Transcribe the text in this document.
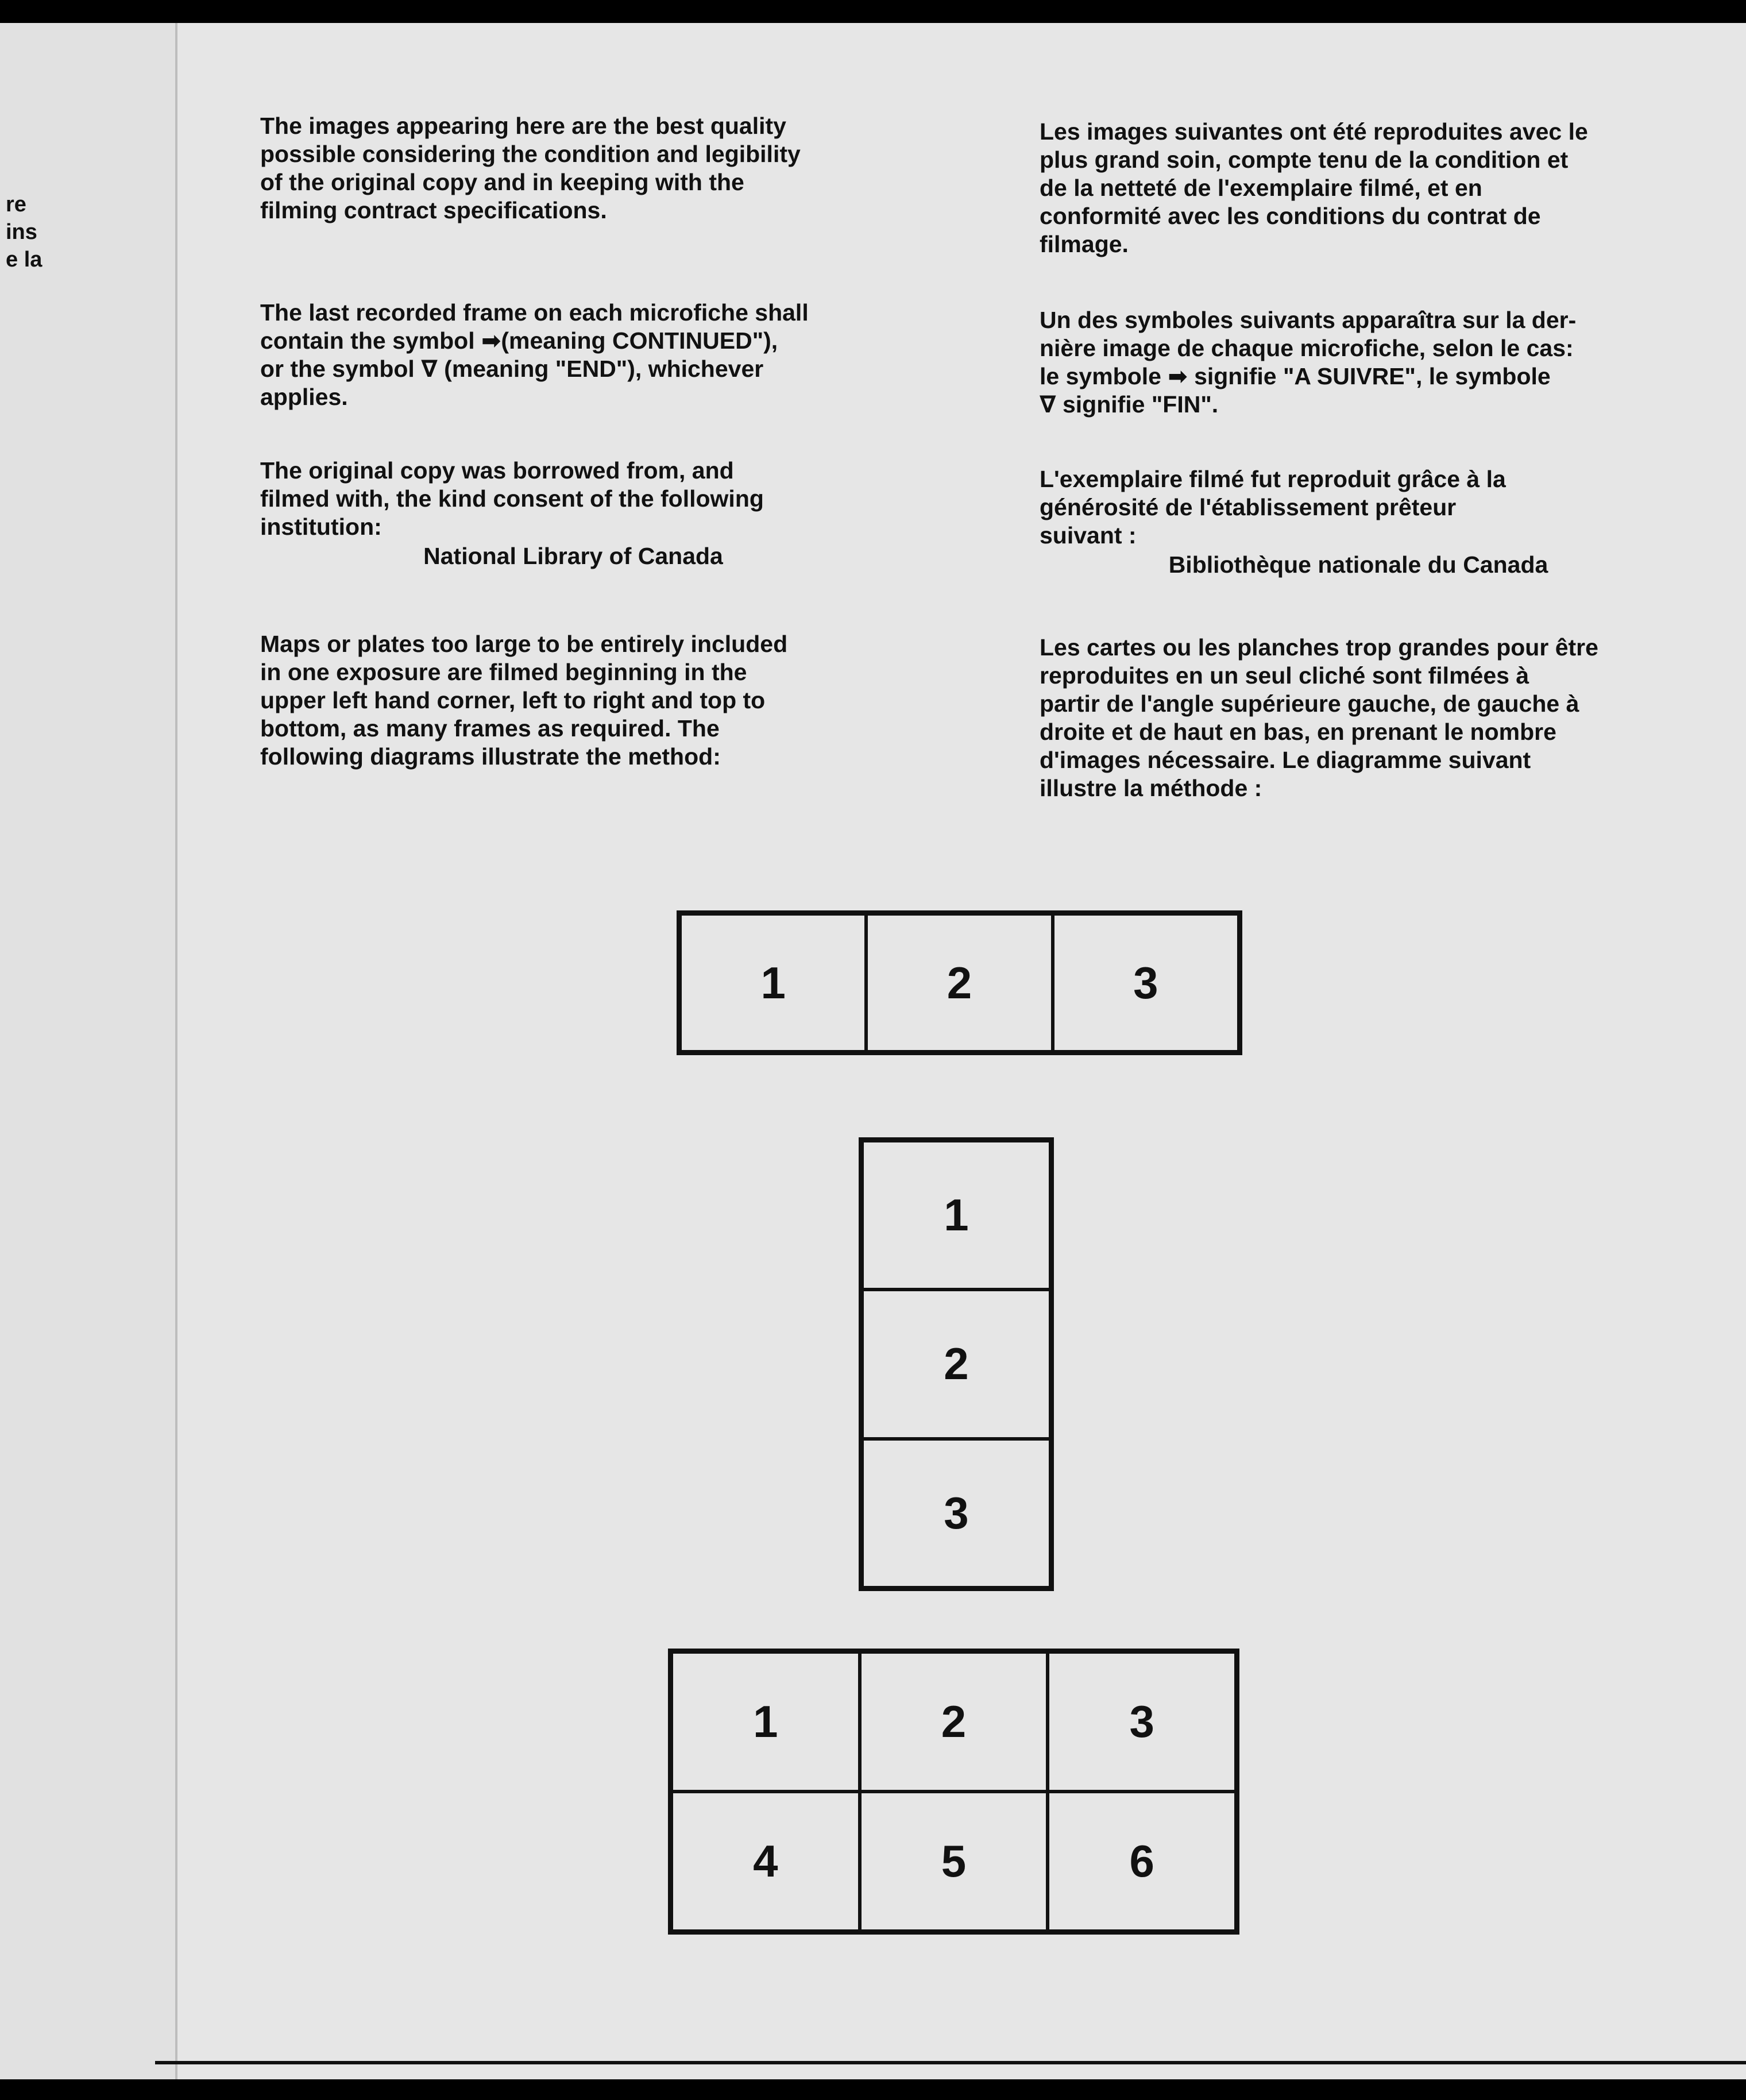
re
ins
e la

The images appearing here are the best quality

possible considering the condition and legibility

of the original copy and in keeping with the

filming contract specifications.

The last recorded frame on each microfiche shall

contain the symbol ➡(meaning CONTINUED"),

or the symbol ∇ (meaning "END"), whichever

applies.

The original copy was borrowed from, and

filmed with, the kind consent of the following

institution:

National Library of Canada

Maps or plates too large to be entirely included

in one exposure are filmed beginning in the

upper left hand corner, left to right and top to

bottom, as many frames as required. The

following diagrams illustrate the method:

Les images suivantes ont été reproduites avec le

plus grand soin, compte tenu de la condition et

de la netteté de l'exemplaire filmé, et en

conformité avec les conditions du contrat de

filmage.

Un des symboles suivants apparaîtra sur la der-

nière image de chaque microfiche, selon le cas:

le symbole ➡ signifie "A SUIVRE", le symbole

∇ signifie "FIN".

L'exemplaire filmé fut reproduit grâce à la

générosité de l'établissement prêteur

suivant :

Bibliothèque nationale du Canada

Les cartes ou les planches trop grandes pour être

reproduites en un seul cliché sont filmées à

partir de l'angle supérieure gauche, de gauche à

droite et de haut en bas, en prenant le nombre

d'images nécessaire. Le diagramme suivant

illustre la méthode :

1	2	3
1
2
3
1	2	3
4	5	6
